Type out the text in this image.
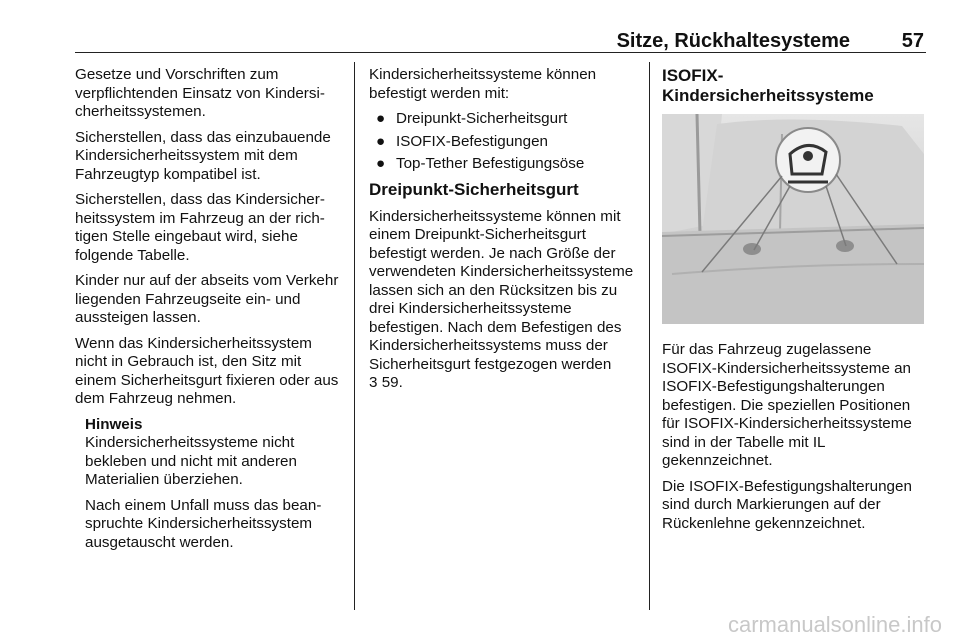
Sitze, Rückhaltesysteme	57

Gesetze und Vorschriften zum verpflichtenden Einsatz von Kindersicherheitssystemen.

Sicherstellen, dass das einzubauende Kindersicherheitssystem mit dem Fahrzeugtyp kompatibel ist.

Sicherstellen, dass das Kindersicherheitssystem im Fahrzeug an der richtigen Stelle eingebaut wird, siehe folgende Tabelle.

Kinder nur auf der abseits vom Verkehr liegenden Fahrzeugseite ein- und aussteigen lassen.

Wenn das Kindersicherheitssystem nicht in Gebrauch ist, den Sitz mit einem Sicherheitsgurt fixieren oder aus dem Fahrzeug nehmen.

Hinweis

Kindersicherheitssysteme nicht bekleben und nicht mit anderen Materialien überziehen.

Nach einem Unfall muss das beanspruchte Kindersicherheitssystem ausgetauscht werden.

Kindersicherheitssysteme können befestigt werden mit:

● Dreipunkt-Sicherheitsgurt
● ISOFIX-Befestigungen
● Top-Tether Befestigungsöse
Dreipunkt-Sicherheitsgurt

Kindersicherheitssysteme können mit einem Dreipunkt-Sicherheitsgurt befestigt werden. Je nach Größe der verwendeten Kindersicherheitssysteme lassen sich an den Rücksitzen bis zu drei Kindersicherheitssysteme befestigen. Nach dem Befestigen des Kindersicherheitssystems muss der Sicherheitsgurt festgezogen werden
3 59.

ISOFIX-
Kindersicherheitssysteme

Für das Fahrzeug zugelassene ISOFIX-Kindersicherheitssysteme an ISOFIX-Befestigungshalterungen befestigen. Die speziellen Positionen für ISOFIX-Kindersicherheitssysteme sind in der Tabelle mit IL gekennzeichnet.

Die ISOFIX-Befestigungshalterungen sind durch Markierungen auf der Rückenlehne gekennzeichnet.

carmanualsonline.info
